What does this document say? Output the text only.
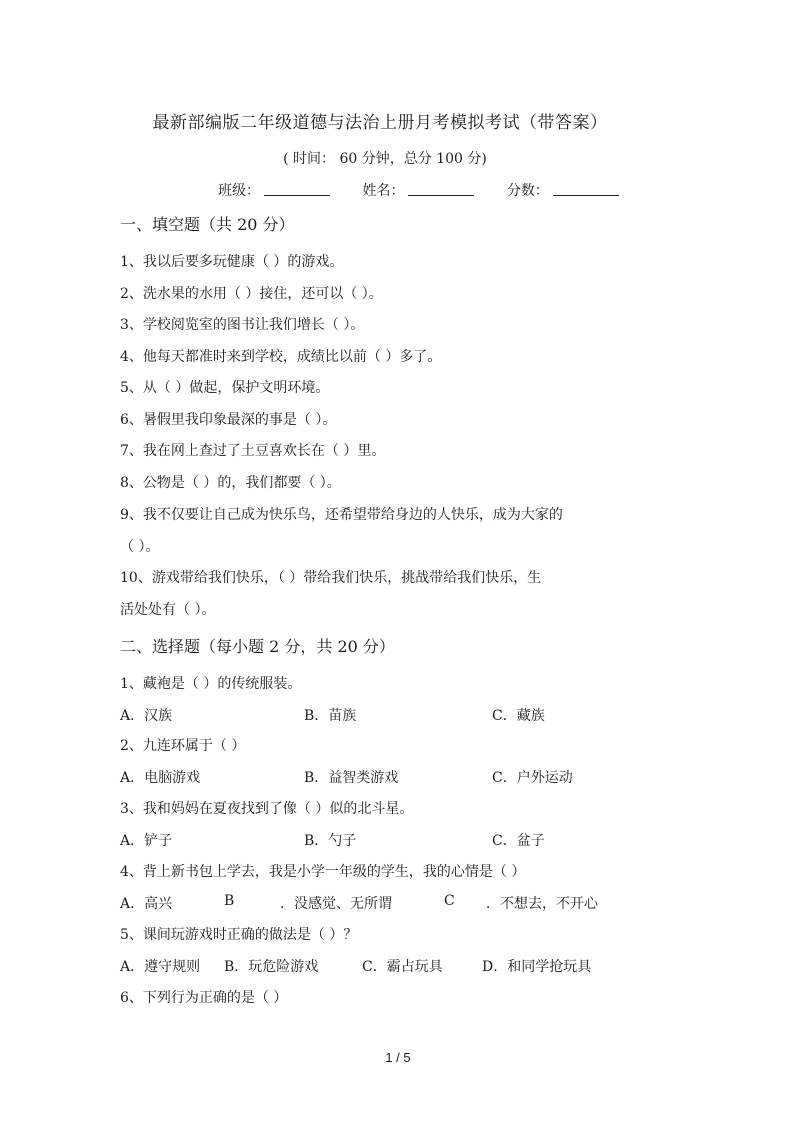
最新部编版二年级道德与法治上册月考模拟考试（带答案）
( 时间： 60 分钟，总分 100 分)
班级：	姓名：	分数：
一、填空题（共 20 分）
1、我以后要多玩健康（ ）的游戏。
2、洗水果的水用（ ）接住，还可以（ ）。
3、学校阅览室的图书让我们增长（ ）。
4、他每天都准时来到学校，成绩比以前（ ）多了。
5、从（ ）做起，保护文明环境。
6、暑假里我印象最深的事是（ ）。
7、我在网上查过了土豆喜欢长在（ ）里。
8、公物是（ ）的，我们都要（ ）。
9、我不仅要让自己成为快乐鸟，还希望带给身边的人快乐，成为大家的
（ ）。
10、游戏带给我们快乐，（ ）带给我们快乐，挑战带给我们快乐，生
活处处有（ ）。
二、选择题（每小题 2 分，共 20 分）
1、藏袍是（ ）的传统服装。
A．汉族	B．苗族	C．藏族
2、九连环属于（ ）
A．电脑游戏	B．益智类游戏	C．户外运动
3、我和妈妈在夏夜找到了像（ ）似的北斗星。
A．铲子	B．勺子	C．盆子
4、背上新书包上学去，我是小学一年级的学生，我的心情是（ ）
A．高兴	B	．没感觉、无所谓	C ．不想去，不开心
5、课间玩游戏时正确的做法是（ ）？
A．遵守规则 B．玩危险游戏	C．霸占玩具	D．和同学抢玩具
6、下列行为正确的是（ ）
1 / 5
